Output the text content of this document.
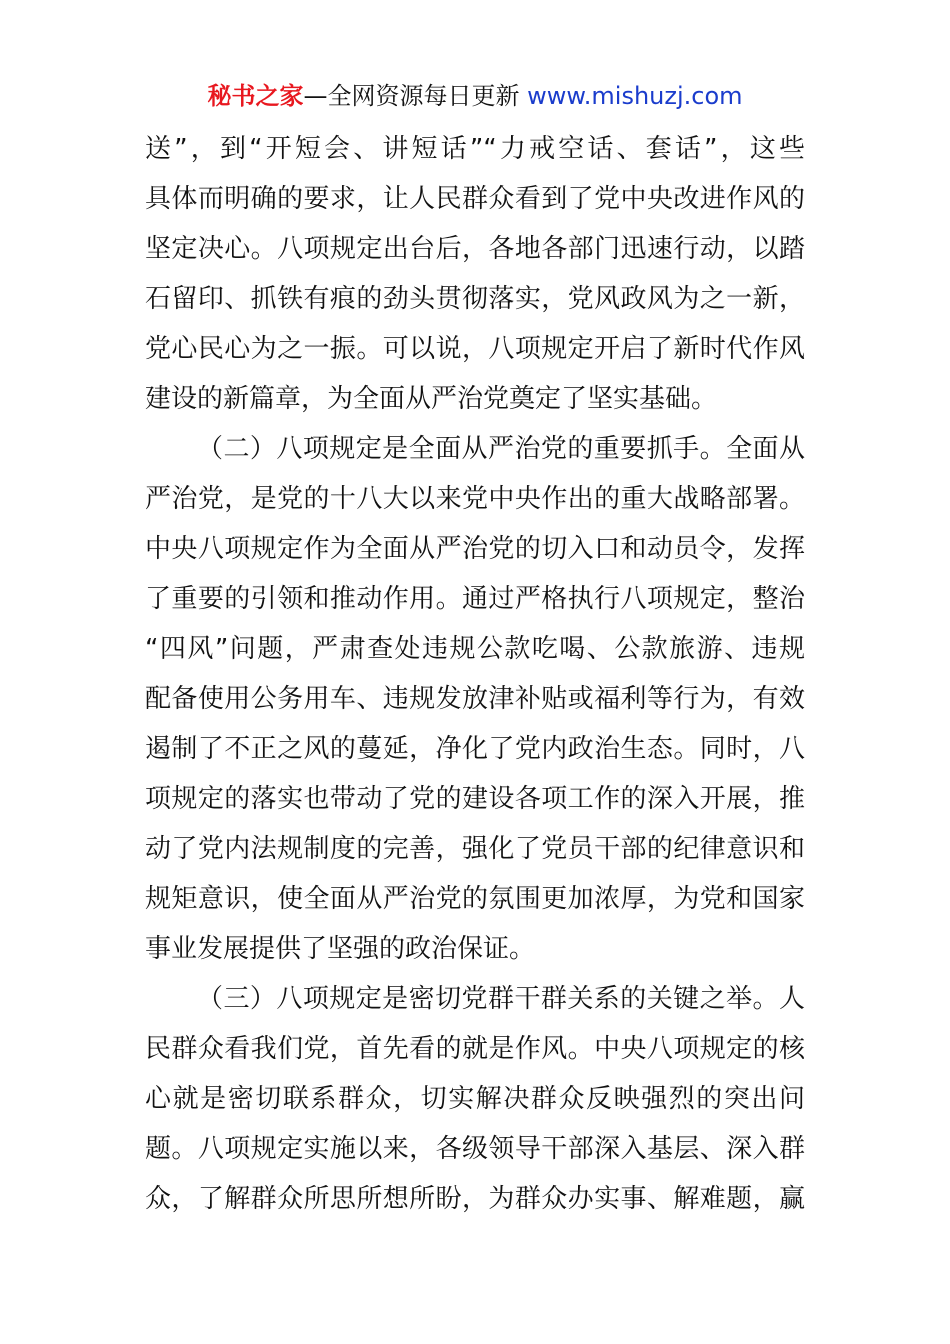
秘书之家—全网资源每日更新 www.mishuzj.com
送”，到“开短会、讲短话”“力戒空话、套话”，这些
具体而明确的要求，让人民群众看到了党中央改进作风的
坚定决心。八项规定出台后，各地各部门迅速行动，以踏
石留印、抓铁有痕的劲头贯彻落实，党风政风为之一新，
党心民心为之一振。可以说，八项规定开启了新时代作风
建设的新篇章，为全面从严治党奠定了坚实基础。
（二）八项规定是全面从严治党的重要抓手。全面从
严治党，是党的十八大以来党中央作出的重大战略部署。
中央八项规定作为全面从严治党的切入口和动员令，发挥
了重要的引领和推动作用。通过严格执行八项规定，整治
“四风”问题，严肃查处违规公款吃喝、公款旅游、违规
配备使用公务用车、违规发放津补贴或福利等行为，有效
遏制了不正之风的蔓延，净化了党内政治生态。同时，八
项规定的落实也带动了党的建设各项工作的深入开展，推
动了党内法规制度的完善，强化了党员干部的纪律意识和
规矩意识，使全面从严治党的氛围更加浓厚，为党和国家
事业发展提供了坚强的政治保证。
（三）八项规定是密切党群干群关系的关键之举。人
民群众看我们党，首先看的就是作风。中央八项规定的核
心就是密切联系群众，切实解决群众反映强烈的突出问
题。八项规定实施以来，各级领导干部深入基层、深入群
众，了解群众所思所想所盼，为群众办实事、解难题，赢
